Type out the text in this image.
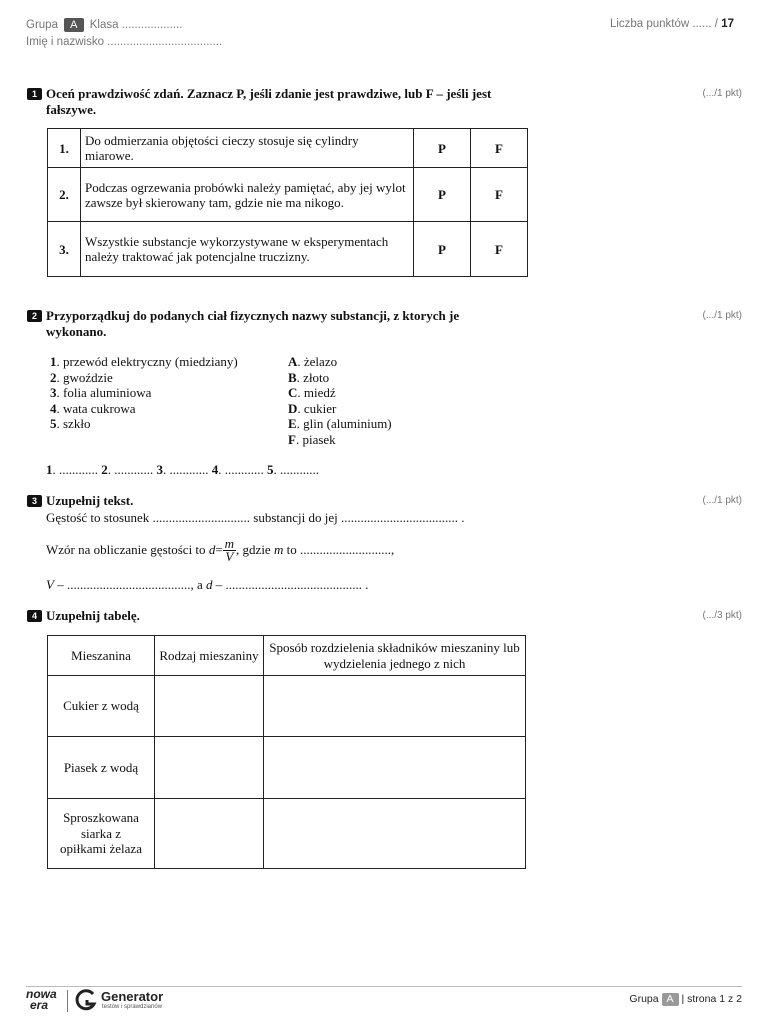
Grupa A Klasa ...................
Imię i nazwisko ....................................
Liczba punktów ...... / 17
1 Oceń prawdziwość zdań. Zaznacz P, jeśli zdanie jest prawdziwe, lub F – jeśli jest
fałszywe.
(.../1 pkt)
1.	Do odmierzania objętości cieczy stosuje się cylindry miarowe.	P	F
2.	Podczas ogrzewania probówki należy pamiętać, aby jej wylot zawsze był skierowany tam, gdzie nie ma nikogo.	P	F
3.	Wszystkie substancje wykorzystywane w eksperymentach należy traktować jak potencjalne truczizny.	P	F
2 Przyporządkuj do podanych ciał fizycznych nazwy substancji, z ktorych je
wykonano.
(.../1 pkt)
1. przewód elektryczny (miedziany)
2. gwoździe
3. folia aluminiowa
4. wata cukrowa
5. szkło
A. żelazo
B. złoto
C. miedź
D. cukier
E. glin (aluminium)
F. piasek
1. ............ 2. ............ 3. ............ 4. ............ 5. ............
3 Uzupełnij tekst.	(.../1 pkt)
Gęstość to stosunek .............................. substancji do jej .................................... .
Wzór na obliczanie gęstości to
$d = \frac{m}{V}$ , gdzie
m
to
............................ ,
V – ......................................, a d – .......................................... .
4 Uzupełnij tabelę.	(.../3 pkt)
Mieszanina	Rodzaj mieszaniny	Sposób rozdzielenia składników mieszaniny lub wydzielenia jednego z nich
Cukier z wodą		
Piasek z wodą		
Sproszkowana siarka z opiłkami żelaza		
nowa
era
Generator
testów i sprawdzianów
Grupa A | strona 1 z 2
